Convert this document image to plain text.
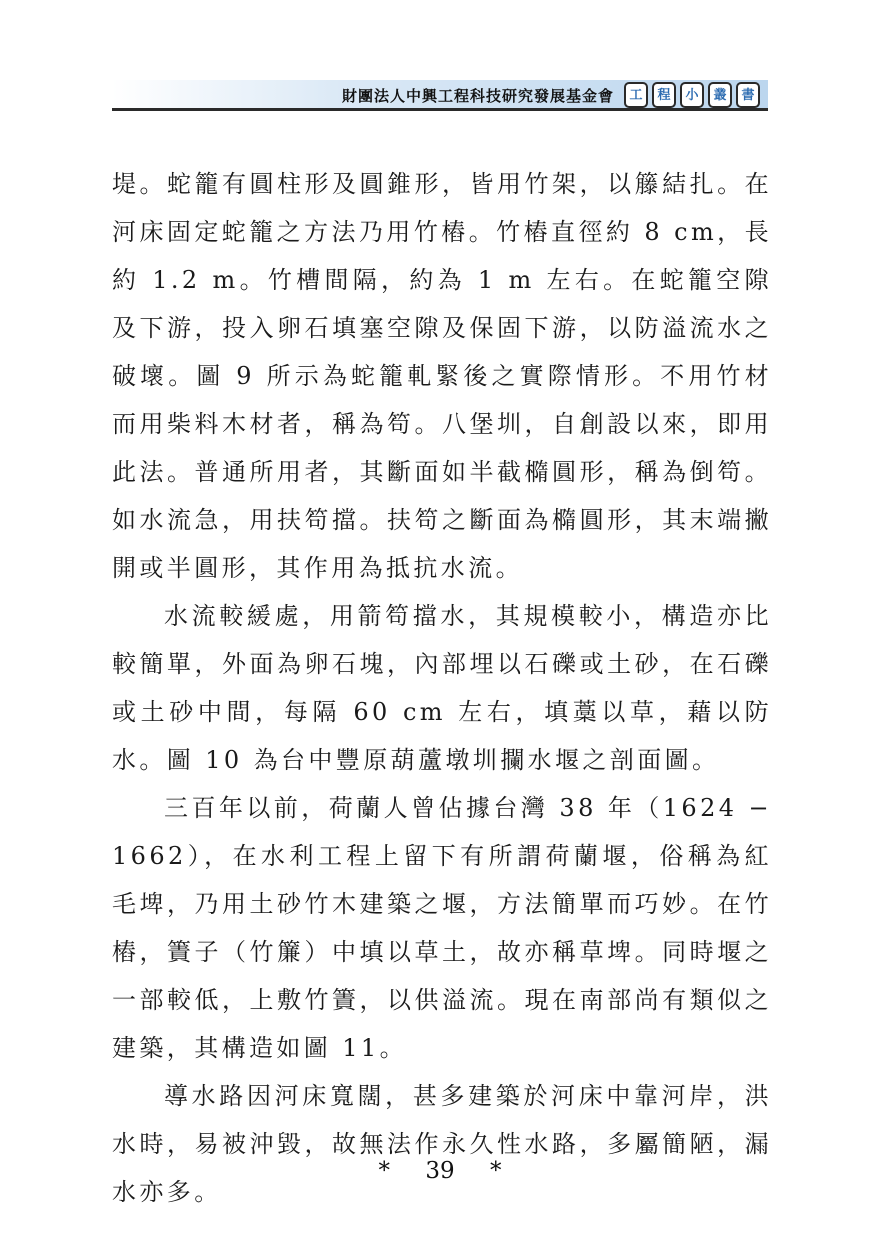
財團法人中興工程科技研究發展基金會	工	程	小	叢	書

堤。蛇籠有圓柱形及圓錐形，皆用竹架，以籐結扎。在河床固定蛇籠之方法乃用竹樁。竹樁直徑約 8 cm，長約 1.2 m。竹槽間隔，約為 1 m 左右。在蛇籠空隙及下游，投入卵石填塞空隙及保固下游，以防溢流水之破壞。圖 9 所示為蛇籠軋緊後之實際情形。不用竹材而用柴料木材者，稱為笱。八堡圳，自創設以來，即用此法。普通所用者，其斷面如半截橢圓形，稱為倒笱。如水流急，用扶笱擋。扶笱之斷面為橢圓形，其末端撇開或半圓形，其作用為抵抗水流。

水流較緩處，用箭笱擋水，其規模較小，構造亦比較簡單，外面為卵石塊，內部埋以石礫或土砂，在石礫或土砂中間，每隔 60 cm 左右，填藁以草，藉以防水。圖 10 為台中豐原葫蘆墩圳攔水堰之剖面圖。

三百年以前，荷蘭人曾佔據台灣 38 年（1624 − 1662），在水利工程上留下有所謂荷蘭堰，俗稱為紅毛埤，乃用土砂竹木建築之堰，方法簡單而巧妙。在竹樁，簀子（竹簾）中填以草土，故亦稱草埤。同時堰之一部較低，上敷竹簀，以供溢流。現在南部尚有類似之建築，其構造如圖 11。

導水路因河床寬闊，甚多建築於河床中靠河岸，洪水時，易被沖毀，故無法作永久性水路，多屬簡陋，漏水亦多。

* 39 *
